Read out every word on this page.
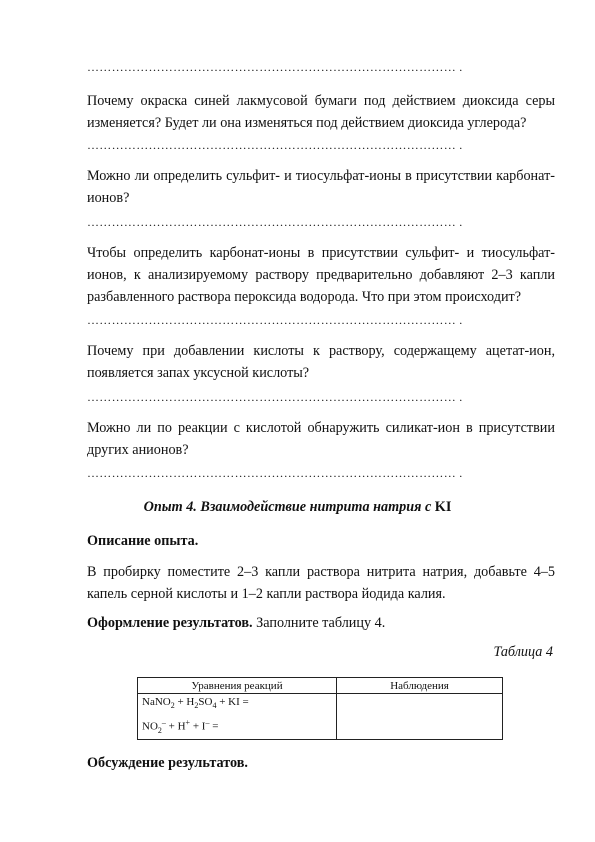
……………………………………………………………………………… .
Почему окраска синей лакмусовой бумаги под действием диоксида серы изменяется? Будет ли она изменяться под действием диоксида углерода?
……………………………………………………………………………… .
Можно ли определить сульфит- и тиосульфат-ионы в присутствии карбонат-ионов?
……………………………………………………………………………… .
Чтобы определить карбонат-ионы в присутствии сульфит- и тиосульфат-ионов, к анализируемому раствору предварительно добавляют 2–3 капли разбавленного раствора пероксида водорода. Что при этом происходит?
……………………………………………………………………………… .
Почему при добавлении кислоты к раствору, содержащему ацетат-ион, появляется запах уксусной кислоты?
……………………………………………………………………………… .
Можно ли по реакции с кислотой обнаружить силикат-ион в присутствии других анионов?
……………………………………………………………………………… .
Опыт 4. Взаимодействие нитрита натрия с KI
Описание опыта.
В пробирку поместите 2–3 капли раствора нитрита натрия, добавьте 4–5 капель серной кислоты и 1–2 капли раствора йодида калия.
Оформление результатов. Заполните таблицу 4.
Таблица 4
Уравнения реакций	Наблюдения

NaNO$_2$ + $H_2SO_4$ + KI =
$NO_2^- + H^+ + I^-$ =	

Обсуждение результатов.
